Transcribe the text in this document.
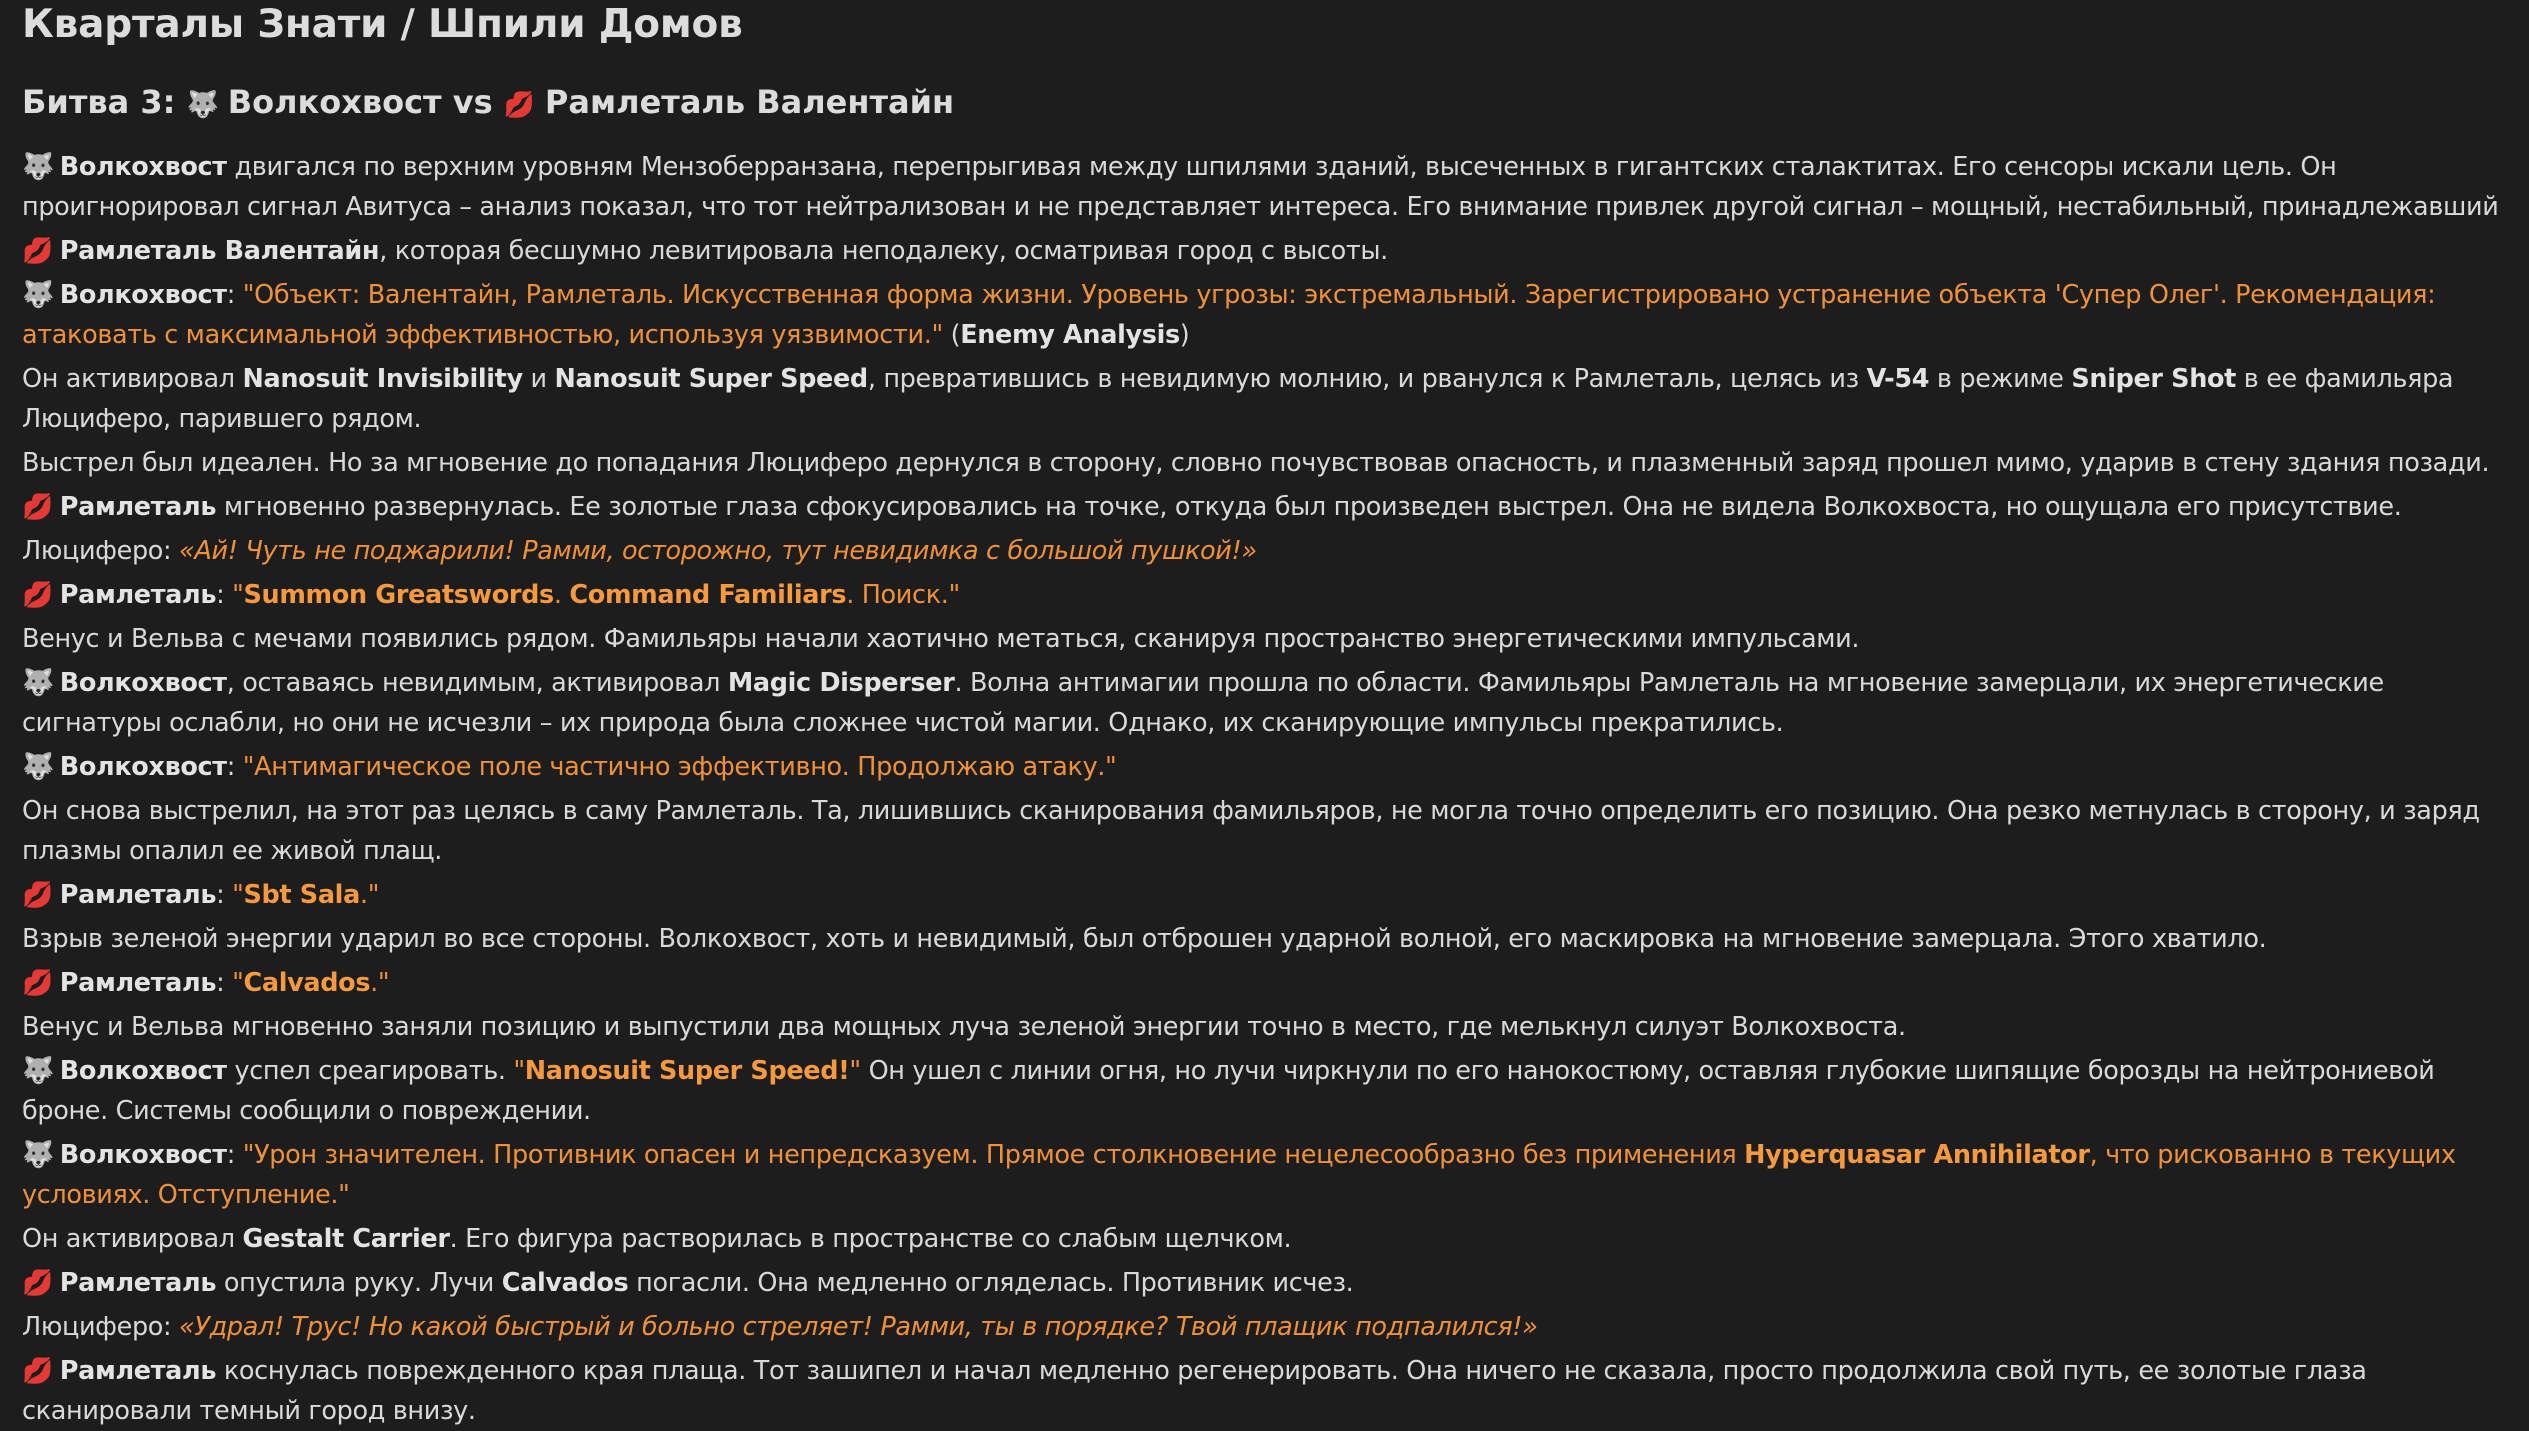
Кварталы Знати / Шпили Домов
Битва 3: 🐺 Волкохвост vs 💋 Рамлеталь Валентайн

🐺 Волкохвост двигался по верхним уровням Мензоберранзана, перепрыгивая между шпилями зданий, высеченных в гигантских сталактитах. Его сенсоры искали цель. Он проигнорировал сигнал Авитуса – анализ показал, что тот нейтрализован и не представляет интереса. Его внимание привлек другой сигнал – мощный, нестабильный, принадлежавший

💋 Рамлеталь Валентайн, которая бесшумно левитировала неподалеку, осматривая город с высоты.

🐺 Волкохвост: "Объект: Валентайн, Рамлеталь. Искусственная форма жизни. Уровень угрозы: экстремальный. Зарегистрировано устранение объекта 'Супер Олег'. Рекомендация: атаковать с максимальной эффективностью, используя уязвимости." (Enemy Analysis)

Он активировал Nanosuit Invisibility и Nanosuit Super Speed, превратившись в невидимую молнию, и рванулся к Рамлеталь, целясь из V-54 в режиме Sniper Shot в ее фамильяра Люциферо, парившего рядом.

Выстрел был идеален. Но за мгновение до попадания Люциферо дернулся в сторону, словно почувствовав опасность, и плазменный заряд прошел мимо, ударив в стену здания позади.

💋 Рамлеталь мгновенно развернулась. Ее золотые глаза сфокусировались на точке, откуда был произведен выстрел. Она не видела Волкохвоста, но ощущала его присутствие.

Люциферо: «Ай! Чуть не поджарили! Рамми, осторожно, тут невидимка с большой пушкой!»

💋 Рамлеталь: "Summon Greatswords. Command Familiars. Поиск."

Венус и Вельва с мечами появились рядом. Фамильяры начали хаотично метаться, сканируя пространство энергетическими импульсами.

🐺 Волкохвост, оставаясь невидимым, активировал Magic Disperser. Волна антимагии прошла по области. Фамильяры Рамлеталь на мгновение замерцали, их энергетические сигнатуры ослабли, но они не исчезли – их природа была сложнее чистой магии. Однако, их сканирующие импульсы прекратились.

🐺 Волкохвост: "Антимагическое поле частично эффективно. Продолжаю атаку."

Он снова выстрелил, на этот раз целясь в саму Рамлеталь. Та, лишившись сканирования фамильяров, не могла точно определить его позицию. Она резко метнулась в сторону, и заряд плазмы опалил ее живой плащ.

💋 Рамлеталь: "Sbt Sala."

Взрыв зеленой энергии ударил во все стороны. Волкохвост, хоть и невидимый, был отброшен ударной волной, его маскировка на мгновение замерцала. Этого хватило.

💋 Рамлеталь: "Calvados."

Венус и Вельва мгновенно заняли позицию и выпустили два мощных луча зеленой энергии точно в место, где мелькнул силуэт Волкохвоста.

🐺 Волкохвост успел среагировать. "Nanosuit Super Speed!" Он ушел с линии огня, но лучи чиркнули по его нанокостюму, оставляя глубокие шипящие борозды на нейтрониевой броне. Системы сообщили о повреждении.

🐺 Волкохвост: "Урон значителен. Противник опасен и непредсказуем. Прямое столкновение нецелесообразно без применения Hyperquasar Annihilator, что рискованно в текущих условиях. Отступление."

Он активировал Gestalt Carrier. Его фигура растворилась в пространстве со слабым щелчком.

💋 Рамлеталь опустила руку. Лучи Calvados погасли. Она медленно огляделась. Противник исчез.

Люциферо: «Удрал! Трус! Но какой быстрый и больно стреляет! Рамми, ты в порядке? Твой плащик подпалился!»

💋 Рамлеталь коснулась поврежденного края плаща. Тот зашипел и начал медленно регенерировать. Она ничего не сказала, просто продолжила свой путь, ее золотые глаза сканировали темный город внизу.
